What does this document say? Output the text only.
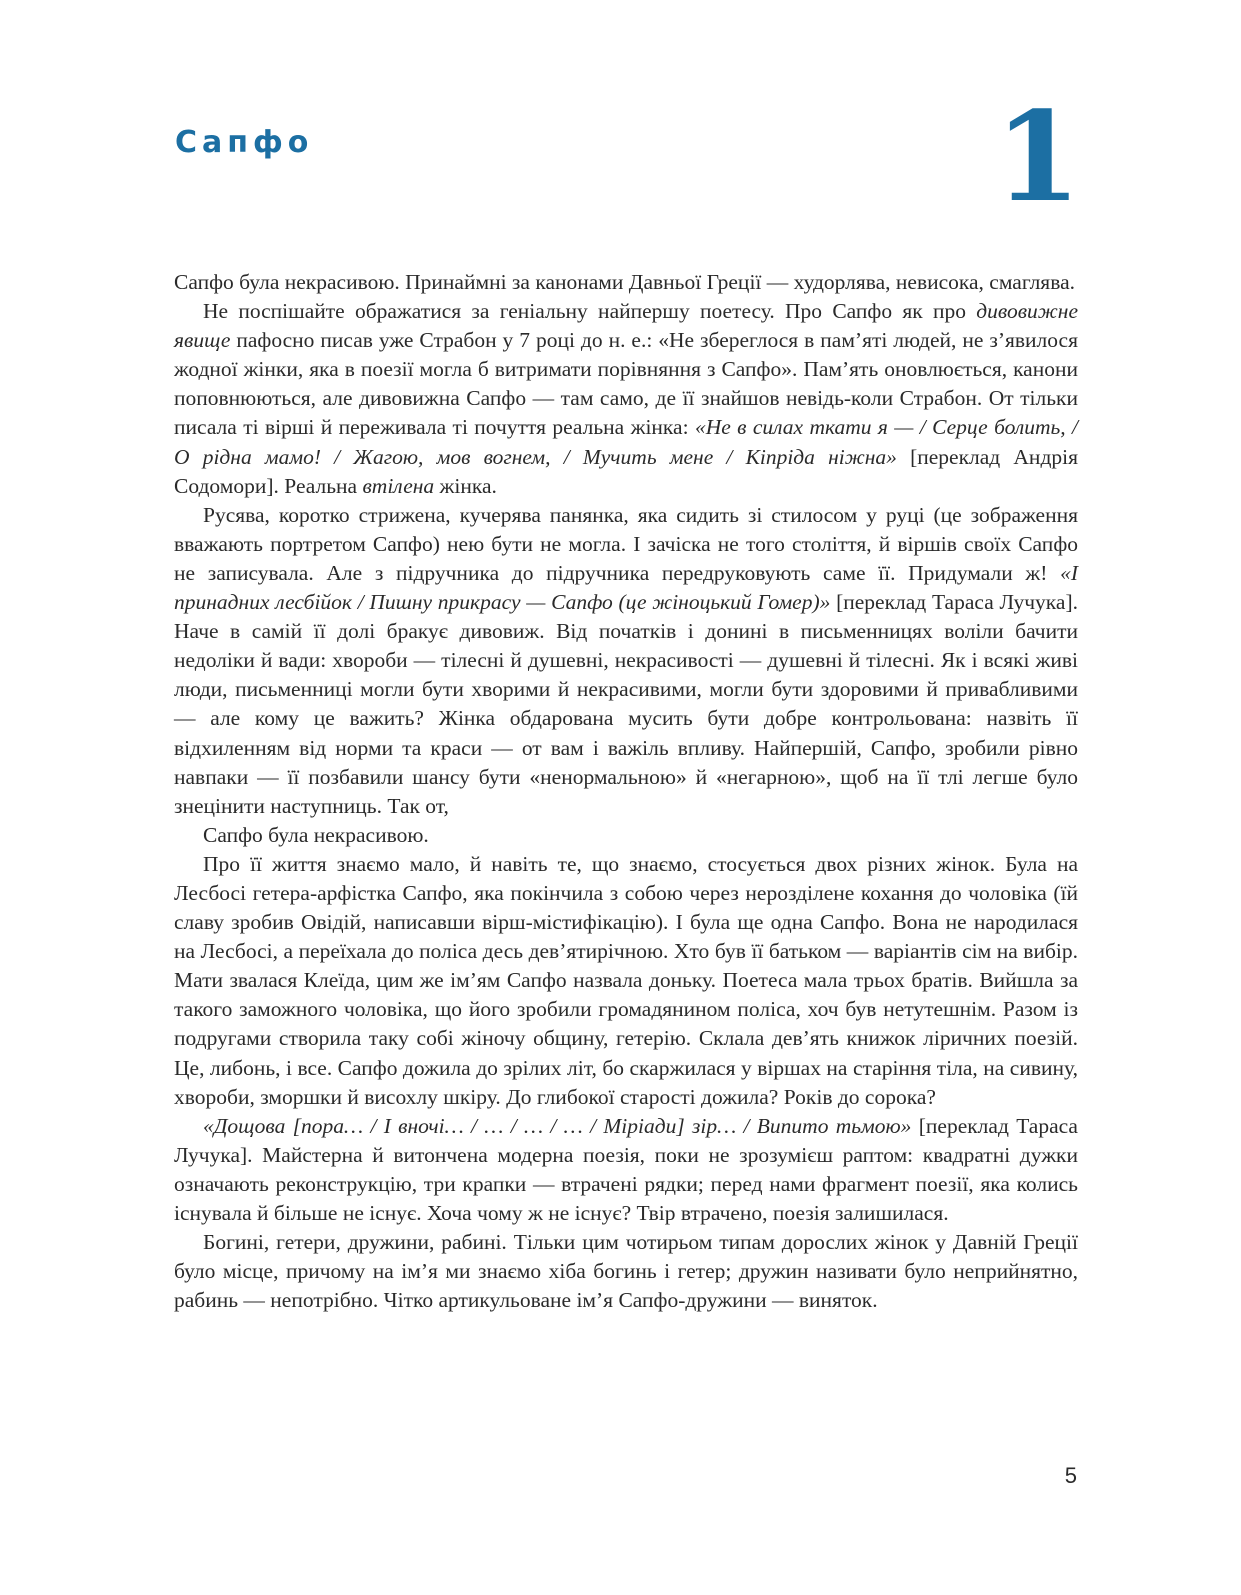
Сапфо	1

Сапфо була некрасивою. Принаймні за канонами Давньої Греції — худорлява, невисока, смаглява.

Не поспішайте ображатися за геніальну найпершу поетесу. Про Сапфо як про дивовижне явище пафосно писав уже Страбон у 7 році до н. е.: «Не збереглося в пам’яті людей, не з’явилося жодної жінки, яка в поезії могла б витримати порівняння з Сапфо». Пам’ять оновлюється, канони поповнюються, але дивовижна Сапфо — там само, де її знайшов невідь-коли Страбон. От тільки писала ті вірші й переживала ті почуття реальна жінка: «Не в силах ткати я — / Серце болить, / О рідна мамо! / Жагою, мов вогнем, / Мучить мене / Кіпріда ніжна» [переклад Андрія Содомори]. Реальна втілена жінка.

Русява, коротко стрижена, кучерява панянка, яка сидить зі стилосом у руці (це зображення вважають портретом Сапфо) нею бути не могла. І зачіска не того століття, й віршів своїх Сапфо не записувала. Але з підручника до підручника передруковують саме її. Придумали ж! «І принадних лесбійок / Пишну прикрасу — Сапфо (це жіноцький Гомер)» [переклад Тараса Лучука]. Наче в самій її долі бракує дивовиж. Від початків і донині в письменницях воліли бачити недоліки й вади: хвороби — тілесні й душевні, некрасивості — душевні й тілесні. Як і всякі живі люди, письменниці могли бути хворими й некрасивими, могли бути здоровими й привабливими — але кому це важить? Жінка обдарована мусить бути добре контрольована: назвіть її відхиленням від норми та краси — от вам і важіль впливу. Найпершій, Сапфо, зробили рівно навпаки — її позбавили шансу бути «ненормальною» й «негарною», щоб на її тлі легше було знецінити наступниць. Так от,

Сапфо була некрасивою.

Про її життя знаємо мало, й навіть те, що знаємо, стосується двох різних жінок. Була на Лесбосі гетера-арфістка Сапфо, яка покінчила з собою через нерозділене кохання до чоловіка (їй славу зробив Овідій, написавши вірш-містифікацію). І була ще одна Сапфо. Вона не народилася на Лесбосі, а переїхала до поліса десь дев’ятирічною. Хто був її батьком — варіантів сім на вибір. Мати звалася Клеїда, цим же ім’ям Сапфо назвала доньку. Поетеса мала трьох братів. Вийшла за такого заможного чоловіка, що його зробили громадянином поліса, хоч був нетутешнім. Разом із подругами створила таку собі жіночу общину, гетерію. Склала дев’ять книжок ліричних поезій. Це, либонь, і все. Сапфо дожила до зрілих літ, бо скаржилася у віршах на старіння тіла, на сивину, хвороби, зморшки й висохлу шкіру. До глибокої старості дожила? Років до сорока?

«Дощова [пора… / І вночі… / … / … / … / Міріади] зір… / Випито тьмою» [переклад Тараса Лучука]. Майстерна й витончена модерна поезія, поки не зрозумієш раптом: квадратні дужки означають реконструкцію, три крапки — втрачені рядки; перед нами фрагмент поезії, яка колись існувала й більше не існує. Хоча чому ж не існує? Твір втрачено, поезія залишилася.

Богині, гетери, дружини, рабині. Тільки цим чотирьом типам дорослих жінок у Давній Греції було місце, причому на ім’я ми знаємо хіба богинь і гетер; дружин називати було неприйнятно, рабинь — непотрібно. Чітко артикульоване ім’я Сапфо-дружини — виняток.

5
